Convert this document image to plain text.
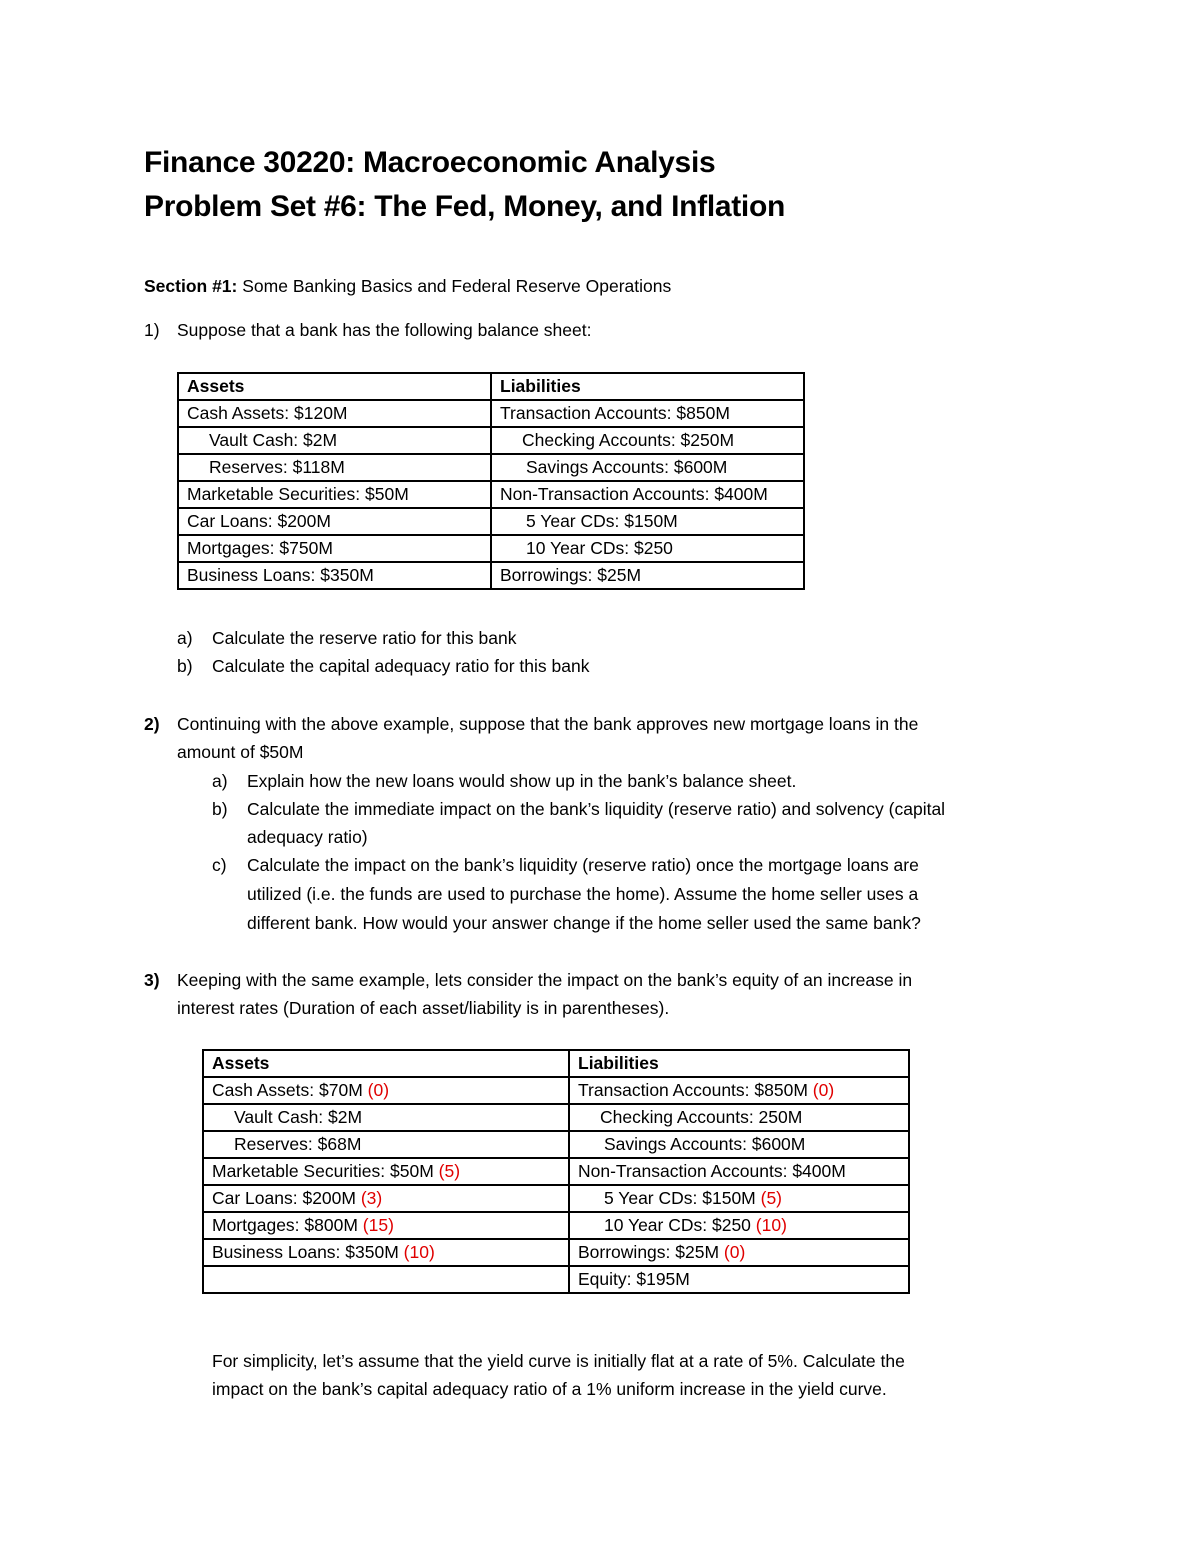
Finance 30220: Macroeconomic Analysis
Problem Set #6: The Fed, Money, and Inflation
Section #1: Some Banking Basics and Federal Reserve Operations
1) Suppose that a bank has the following balance sheet:
Assets	Liabilities
Cash Assets: $120M	Transaction Accounts: $850M
Vault Cash: $2M	Checking Accounts: $250M
Reserves: $118M	Savings Accounts: $600M
Marketable Securities: $50M	Non-Transaction Accounts: $400M
Car Loans: $200M	5 Year CDs: $150M
Mortgages: $750M	10 Year CDs: $250
Business Loans: $350M	Borrowings: $25M
a) Calculate the reserve ratio for this bank
b) Calculate the capital adequacy ratio for this bank
2) Continuing with the above example, suppose that the bank approves new mortgage loans in the
amount of $50M
a) Explain how the new loans would show up in the bank’s balance sheet.
b) Calculate the immediate impact on the bank’s liquidity (reserve ratio) and solvency (capital
adequacy ratio)
c) Calculate the impact on the bank’s liquidity (reserve ratio) once the mortgage loans are
utilized (i.e. the funds are used to purchase the home). Assume the home seller uses a
different bank. How would your answer change if the home seller used the same bank?
3) Keeping with the same example, lets consider the impact on the bank’s equity of an increase in
interest rates (Duration of each asset/liability is in parentheses).
Assets	Liabilities
Cash Assets: $70M (0)	Transaction Accounts: $850M (0)
Vault Cash: $2M	Checking Accounts: 250M
Reserves: $68M	Savings Accounts: $600M
Marketable Securities: $50M (5)	Non-Transaction Accounts: $400M
Car Loans: $200M (3)	5 Year CDs: $150M (5)
Mortgages: $800M (15)	10 Year CDs: $250 (10)
Business Loans: $350M (10)	Borrowings: $25M (0)
	Equity: $195M
For simplicity, let’s assume that the yield curve is initially flat at a rate of 5%. Calculate the
impact on the bank’s capital adequacy ratio of a 1% uniform increase in the yield curve.
